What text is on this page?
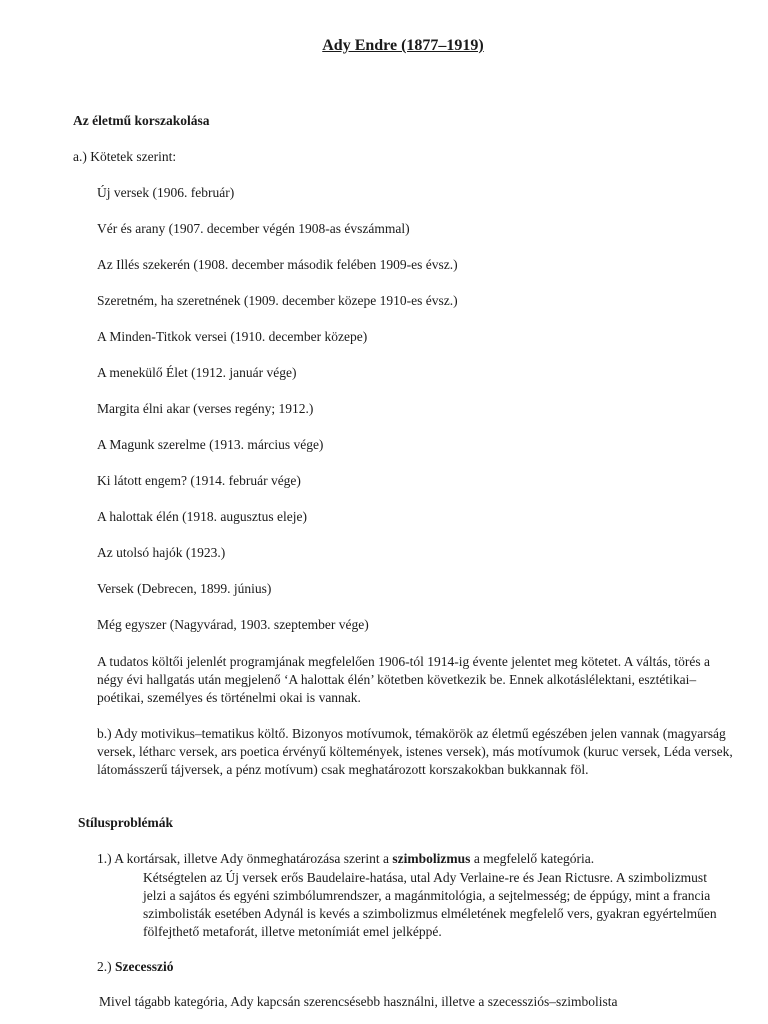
Ady Endre (1877–1919)
Az életmű korszakolása
a.) Kötetek szerint:
Új versek (1906. február)
Vér és arany (1907. december végén 1908-as évszámmal)
Az Illés szekerén (1908. december második felében 1909-es évsz.)
Szeretném, ha szeretnének (1909. december közepe 1910-es évsz.)
A Minden-Titkok versei (1910. december közepe)
A menekülő Élet (1912. január vége)
Margita élni akar (verses regény; 1912.)
A Magunk szerelme (1913. március vége)
Ki látott engem? (1914. február vége)
A halottak élén (1918. augusztus eleje)
Az utolsó hajók (1923.)
Versek (Debrecen, 1899. június)
Még egyszer (Nagyvárad, 1903. szeptember vége)
A tudatos költői jelenlét programjának megfelelően 1906-tól 1914-ig évente jelentet meg kötetet. A váltás, törés a négy évi hallgatás után megjelenő ‘A halottak élén’ kötetben következik be. Ennek alkotáslélektani, esztétikai–poétikai, személyes és történelmi okai is vannak.
b.) Ady motivikus–tematikus költő. Bizonyos motívumok, témakörök az életmű egészében jelen vannak (magyarság versek, létharc versek, ars poetica érvényű költemények, istenes versek), más motívumok (kuruc versek, Léda versek, látomásszerű tájversek, a pénz motívum) csak meghatározott korszakokban bukkannak föl.
Stílusproblémák
1.) A kortársak, illetve Ady önmeghatározása szerint a szimbolizmus a megfelelő kategória.
Kétségtelen az Új versek erős Baudelaire-hatása, utal Ady Verlaine-re és Jean Rictusre. A szimbolizmust jelzi a sajátos és egyéni szimbólumrendszer, a magánmitológia, a sejtelmesség; de éppúgy, mint a francia szimbolisták esetében Adynál is kevés a szimbolizmus elméletének megfelelő vers, gyakran egyértelműen fölfejthető metaforát, illetve metonímiát emel jelképpé.
2.) Szecesszió
Mivel tágabb kategória, Ady kapcsán szerencsésebb használni, illetve a szecessziós–szimbolista
